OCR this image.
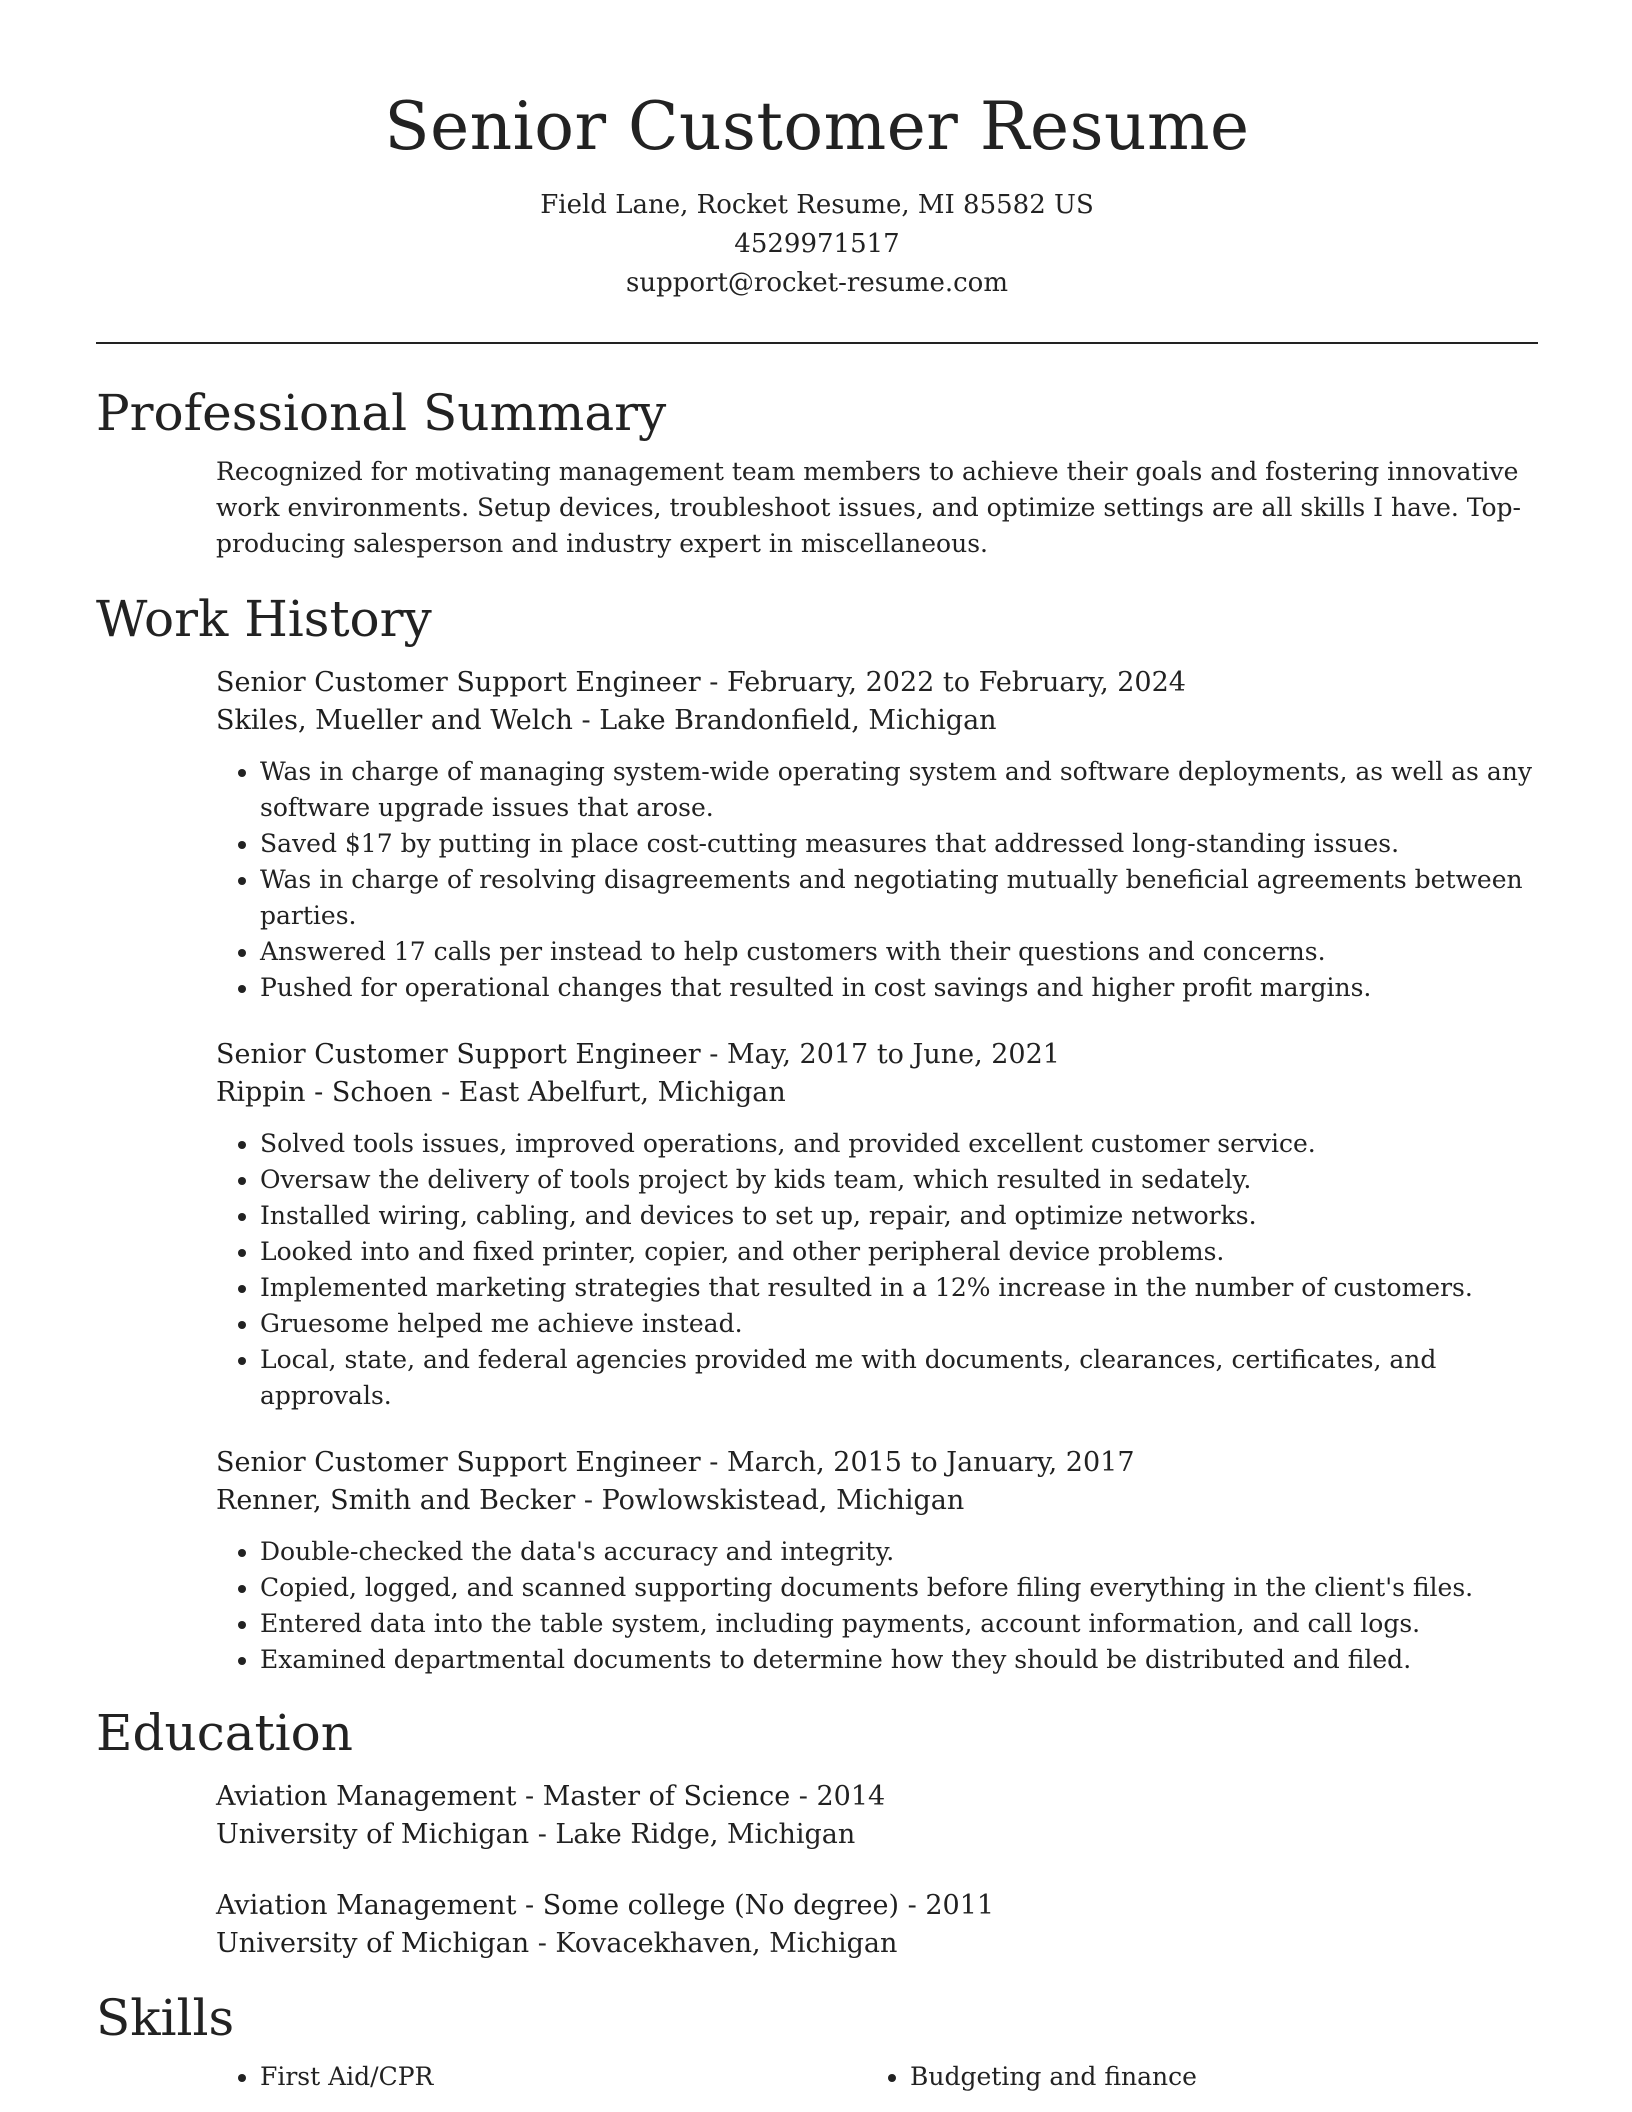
Senior Customer Resume
Field Lane, Rocket Resume, MI 85582 US
4529971517
support@rocket-resume.com
Professional Summary
Recognized for motivating management team members to achieve their goals and fostering innovative work environments. Setup devices, troubleshoot issues, and optimize settings are all skills I have. Top-producing salesperson and industry expert in miscellaneous.
Work History
Senior Customer Support Engineer - February, 2022 to February, 2024
Skiles, Mueller and Welch - Lake Brandonfield, Michigan
• Was in charge of managing system-wide operating system and software deployments, as well as any software upgrade issues that arose.
• Saved $17 by putting in place cost-cutting measures that addressed long-standing issues.
• Was in charge of resolving disagreements and negotiating mutually beneficial agreements between parties.
• Answered 17 calls per instead to help customers with their questions and concerns.
• Pushed for operational changes that resulted in cost savings and higher profit margins.
Senior Customer Support Engineer - May, 2017 to June, 2021
Rippin - Schoen - East Abelfurt, Michigan
• Solved tools issues, improved operations, and provided excellent customer service.
• Oversaw the delivery of tools project by kids team, which resulted in sedately.
• Installed wiring, cabling, and devices to set up, repair, and optimize networks.
• Looked into and fixed printer, copier, and other peripheral device problems.
• Implemented marketing strategies that resulted in a 12% increase in the number of customers.
• Gruesome helped me achieve instead.
• Local, state, and federal agencies provided me with documents, clearances, certificates, and approvals.
Senior Customer Support Engineer - March, 2015 to January, 2017
Renner, Smith and Becker - Powlowskistead, Michigan
• Double-checked the data's accuracy and integrity.
• Copied, logged, and scanned supporting documents before filing everything in the client's files.
• Entered data into the table system, including payments, account information, and call logs.
• Examined departmental documents to determine how they should be distributed and filed.
Education
Aviation Management - Master of Science - 2014
University of Michigan - Lake Ridge, Michigan
Aviation Management - Some college (No degree) - 2011
University of Michigan - Kovacekhaven, Michigan
Skills
• First Aid/CPR
•	Budgeting and finance
